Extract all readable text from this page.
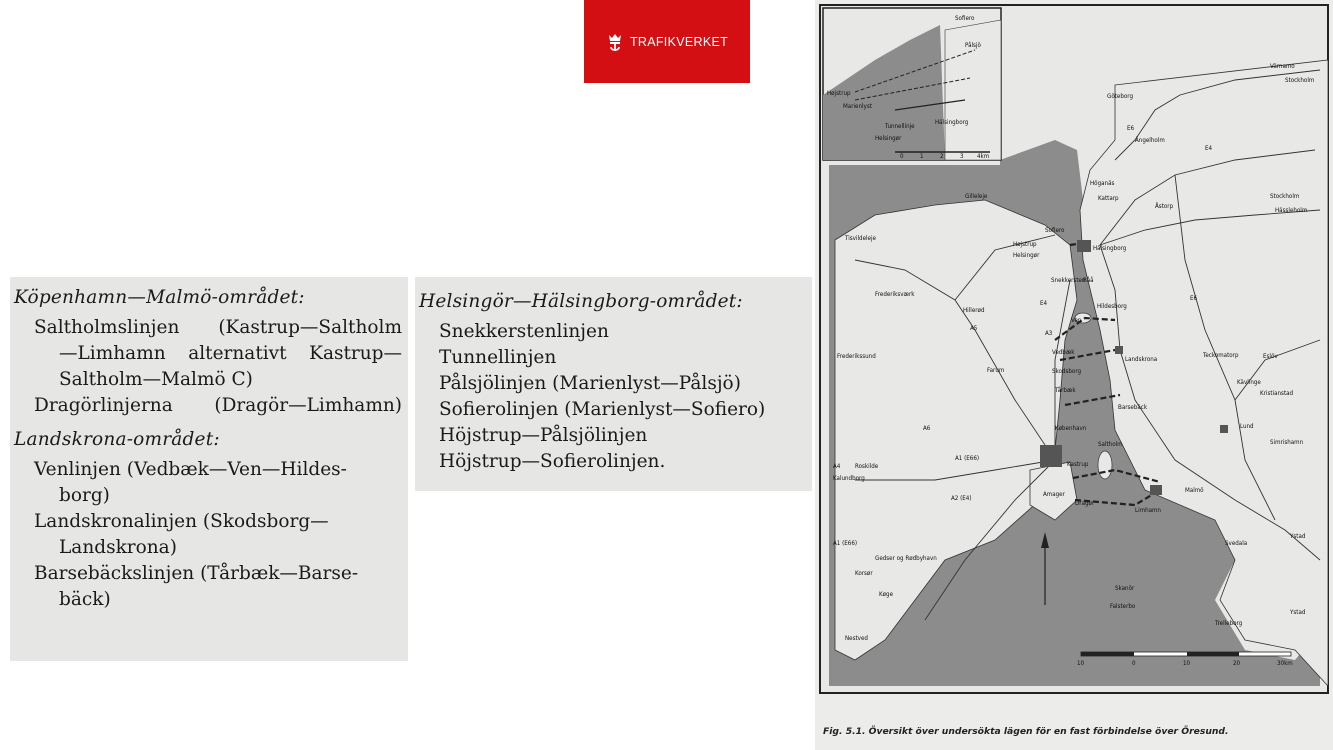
TRAFIKVERKET
Köpenhamn—Malmö-området:
Saltholmslinjen (Kastrup—Saltholm
—Limhamn alternativt Kastrup—
Saltholm—Malmö C)
Dragörlinjerna (Dragör—Limhamn)
Landskrona-området:
Venlinjen (Vedbæk—Ven—Hildes-
borg)
Landskronalinjen (Skodsborg—
Landskrona)
Barsebäckslinjen (Tårbæk—Barse-
bäck)
Helsingör—Hälsingborg-området:
Snekkerstenlinjen
Tunnellinjen
Pålsjölinjen (Marienlyst—Pålsjö)
Sofierolinjen (Marienlyst—Sofiero)
Höjstrup—Pålsjölinjen
Höjstrup—Sofierolinjen.
Sofiero
Pålsjö
Højstrup
Marienlyst
Tunnellinje
Hälsingborg
Helsingør
0	1	2	3 4km
Göteborg
Värnamo
Stockholm
Ängelholm
Höganäs
Kattarp
Åstorp
Stockholm
Hässleholm
Gilleleje
Tisvildeleje
Sofiero
Hälsingborg
Højstrup
Helsingør
Snekkersten
Råå
Frederiksværk
Hillerød
Hildesborg
Ven
Frederikssund
Farum
Vedbæk
Skodsborg
Landskrona
Teckomatorp	Eslöv
Kävlinge
Tårbæk
Barsebäck
Kristianstad
Lund
København
Saltholm	Simrishamn
Roskilde	Kastrup
Amager
Dragør
Limhamn
Malmö
Kalundborg
Køge
Svedala
Ystad
Skanör
Falsterbo
Trelleborg
Ystad
Nestved
E6
E4
A5
A6
A3
E4
A1 (E66)
A2 (E4)
A4
A1 (E66)
Gedser og Rødbyhavn
Korsør
E6
10	0	10	20	30km
Fig. 5.1. Översikt över undersökta lägen för en fast förbindelse över Öresund.
